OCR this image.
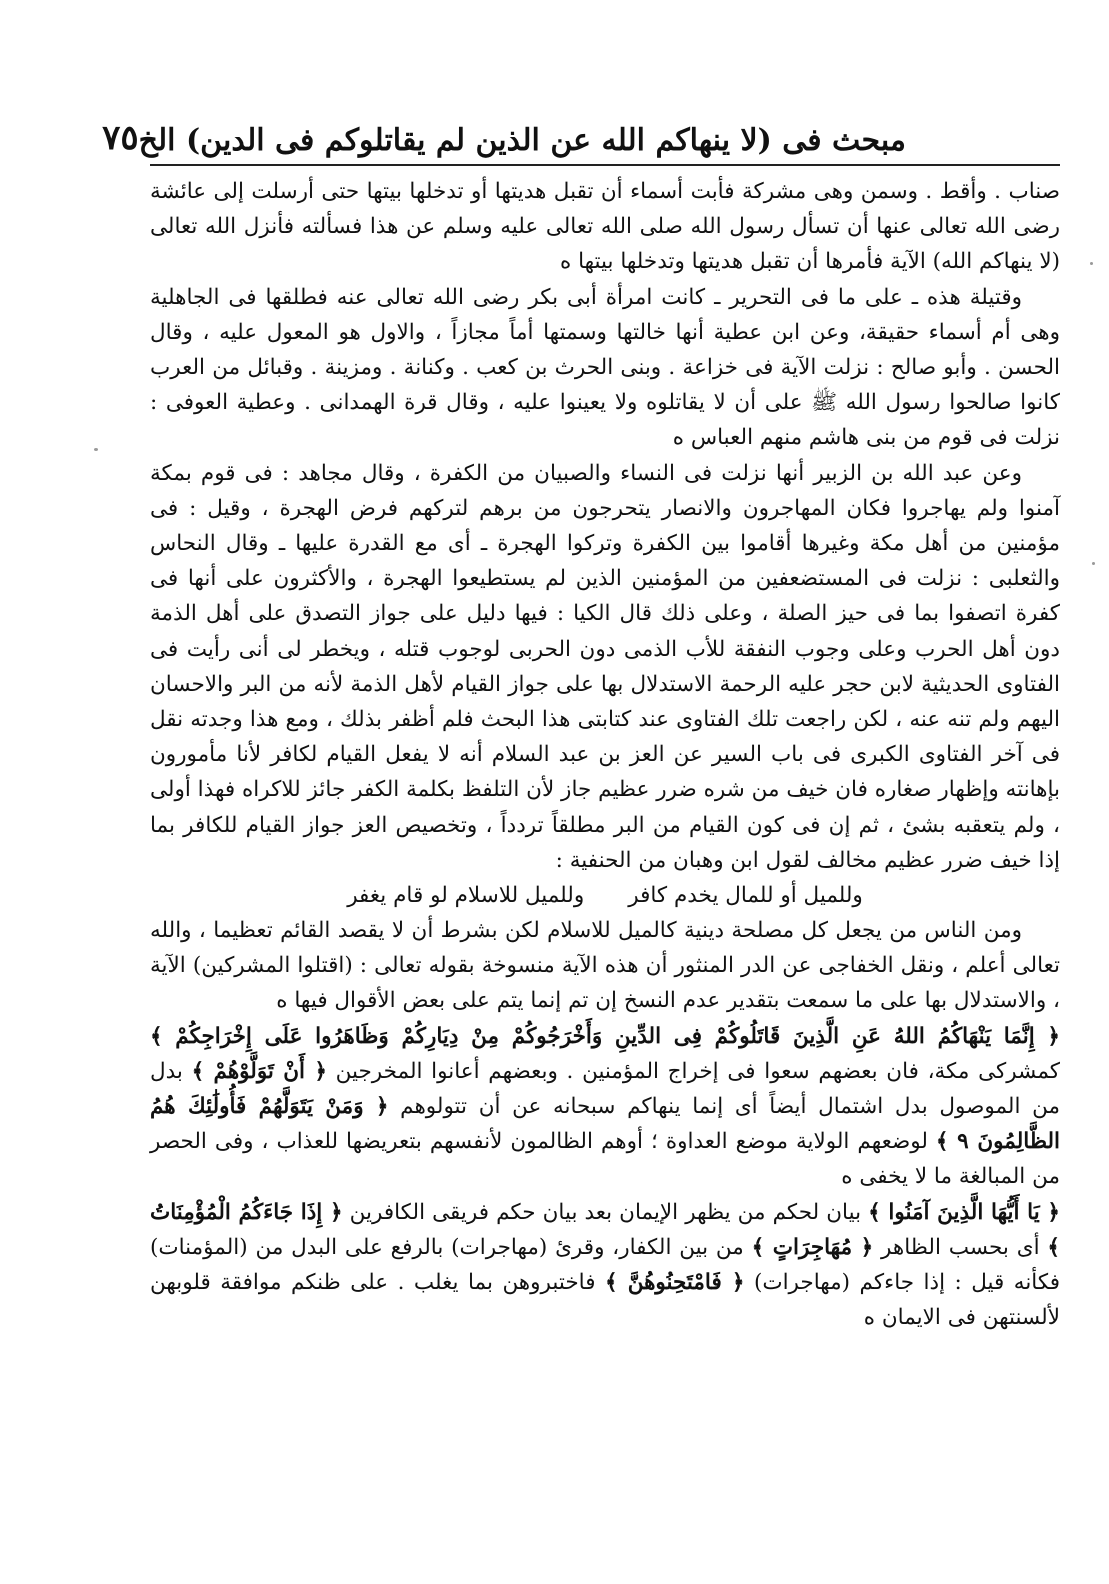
مبحث فى (لا ينهاكم الله عن الذين لم يقاتلوكم فى الدين) الخ
٧٥

صناب . وأقط . وسمن وهى مشركة فأبت أسماء أن تقبل هديتها أو تدخلها بيتها حتى أرسلت إلى عائشة رضى الله تعالى عنها أن تسأل رسول الله صلى الله تعالى عليه وسلم عن هذا فسألته فأنزل الله تعالى (لا ينهاكم الله) الآية فأمرها أن تقبل هديتها وتدخلها بيتها ه

وقتيلة هذه ـ على ما فى التحرير ـ كانت امرأة أبى بكر رضى الله تعالى عنه فطلقها فى الجاهلية وهى أم أسماء حقيقة، وعن ابن عطية أنها خالتها وسمتها أماً مجازاً ، والاول هو المعول عليه ، وقال الحسن . وأبو صالح : نزلت الآية فى خزاعة . وبنى الحرث بن كعب . وكنانة . ومزينة . وقبائل من العرب كانوا صالحوا رسول الله ﷺ على أن لا يقاتلوه ولا يعينوا عليه ، وقال قرة الهمدانى . وعطية العوفى : نزلت فى قوم من بنى هاشم منهم العباس ه

وعن عبد الله بن الزبير أنها نزلت فى النساء والصبيان من الكفرة ، وقال مجاهد : فى قوم بمكة آمنوا ولم يهاجروا فكان المهاجرون والانصار يتحرجون من برهم لتركهم فرض الهجرة ، وقيل : فى مؤمنين من أهل مكة وغيرها أقاموا بين الكفرة وتركوا الهجرة ـ أى مع القدرة عليها ـ وقال النحاس والثعلبى : نزلت فى المستضعفين من المؤمنين الذين لم يستطيعوا الهجرة ، والأكثرون على أنها فى كفرة اتصفوا بما فى حيز الصلة ، وعلى ذلك قال الكيا : فيها دليل على جواز التصدق على أهل الذمة دون أهل الحرب وعلى وجوب النفقة للأب الذمى دون الحربى لوجوب قتله ، ويخطر لى أنى رأيت فى الفتاوى الحديثية لابن حجر عليه الرحمة الاستدلال بها على جواز القيام لأهل الذمة لأنه من البر والاحسان اليهم ولم تنه عنه ، لكن راجعت تلك الفتاوى عند كتابتى هذا البحث فلم أظفر بذلك ، ومع هذا وجدته نقل فى آخر الفتاوى الكبرى فى باب السير عن العز بن عبد السلام أنه لا يفعل القيام لكافر لأنا مأمورون بإهانته وإظهار صغاره فان خيف من شره ضرر عظيم جاز لأن التلفظ بكلمة الكفر جائز للاكراه فهذا أولى ، ولم يتعقبه بشئ ، ثم إن فى كون القيام من البر مطلقاً تردداً ، وتخصيص العز جواز القيام للكافر بما إذا خيف ضرر عظيم مخالف لقول ابن وهبان من الحنفية :

وللميل أو للمال يخدم كافر
وللميل للاسلام لو قام يغفر

ومن الناس من يجعل كل مصلحة دينية كالميل للاسلام لكن بشرط أن لا يقصد القائم تعظيما ، والله تعالى أعلم ، ونقل الخفاجى عن الدر المنثور أن هذه الآية منسوخة بقوله تعالى : (اقتلوا المشركين) الآية ، والاستدلال بها على ما سمعت بتقدير عدم النسخ إن تم إنما يتم على بعض الأقوال فيها ه

﴿ إِنَّمَا يَنْهَاكُمُ اللهُ عَنِ الَّذِينَ قَاتَلُوكُمْ فِى الدِّينِ وَأَخْرَجُوكُمْ مِنْ دِيَارِكُمْ وَظَاهَرُوا عَلَى إِخْرَاجِكُمْ ﴾ كمشركى مكة، فان بعضهم سعوا فى إخراج المؤمنين . وبعضهم أعانوا المخرجين ﴿ أَنْ تَوَلَّوْهُمْ ﴾ بدل من الموصول بدل اشتمال أيضاً أى إنما ينهاكم سبحانه عن أن تتولوهم ﴿ وَمَنْ يَتَوَلَّهُمْ فَأُولَٰئِكَ هُمُ الظَّالِمُونَ ٩ ﴾ لوضعهم الولاية موضع العداوة ؛ أوهم الظالمون لأنفسهم بتعريضها للعذاب ، وفى الحصر من المبالغة ما لا يخفى ه

﴿ يَا أَيُّهَا الَّذِينَ آمَنُوا ﴾ بيان لحكم من يظهر الإيمان بعد بيان حكم فريقى الكافرين ﴿ إِذَا جَاءَكُمُ الْمُؤْمِنَاتُ ﴾ أى بحسب الظاهر ﴿ مُهَاجِرَاتٍ ﴾ من بين الكفار، وقرئ (مهاجرات) بالرفع على البدل من (المؤمنات) فكأنه قيل : إذا جاءكم (مهاجرات) ﴿ فَامْتَحِنُوهُنَّ ﴾ فاختبروهن بما يغلب . على ظنكم موافقة قلوبهن لألسنتهن فى الايمان ه
